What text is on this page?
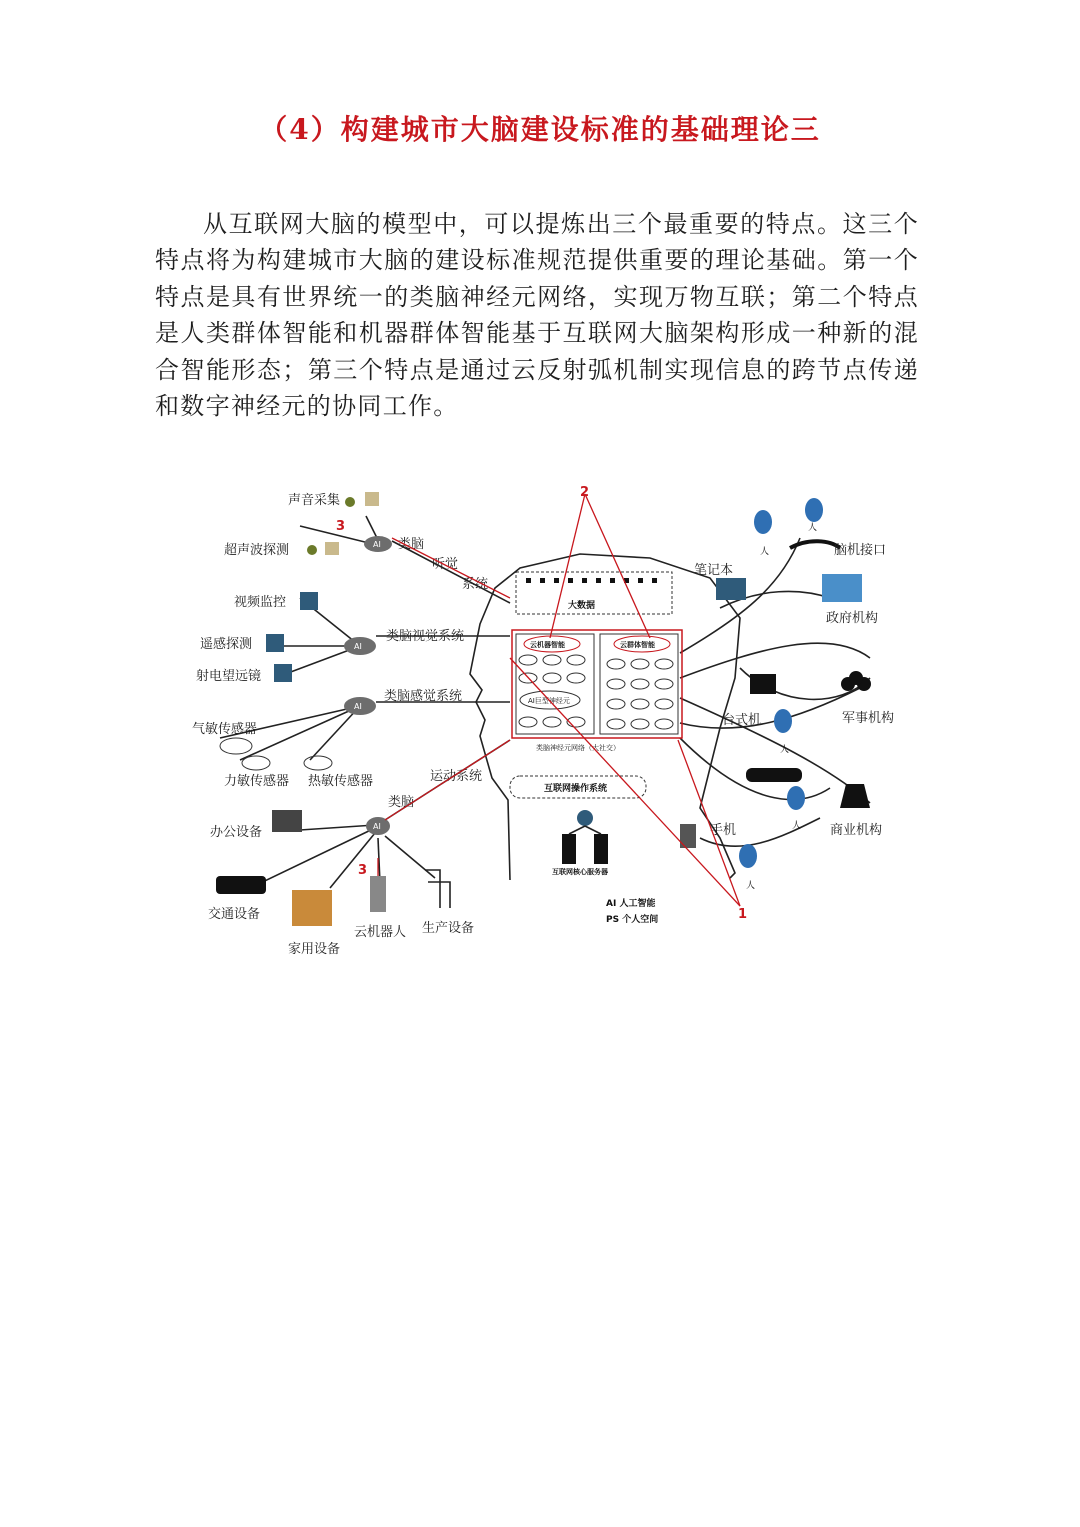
（4）构建城市大脑建设标准的基础理论三
从互联网大脑的模型中，可以提炼出三个最重要的特点。这三个特点将为构建城市大脑的建设标准规范提供重要的理论基础。第一个特点是具有世界统一的类脑神经元网络，实现万物互联；第二个特点是人类群体智能和机器群体智能基于互联网大脑架构形成一种新的混合智能形态；第三个特点是通过云反射弧机制实现信息的跨节点传递和数字神经元的协同工作。
AI
AI
AI
AI
声音采集
超声波探测
视频监控
遥感探测
射电望远镜
气敏传感器
力敏传感器 热敏传感器
办公设备
交通设备
家用设备
云机器人 生产设备
类脑
听觉
系统
类脑视觉系统
类脑感觉系统
类脑
运动系统
大数据
云机器智能	云群体智能
AI巨型神经元
类脑神经元网络（大社交）
互联网操作系统
互联网核心服务器
AI 人工智能
PS 个人空间
笔记本
脑机接口
政府机构
台式机	军事机构
商业机构
手机
人
人
人
人
人
2
3
3
1
